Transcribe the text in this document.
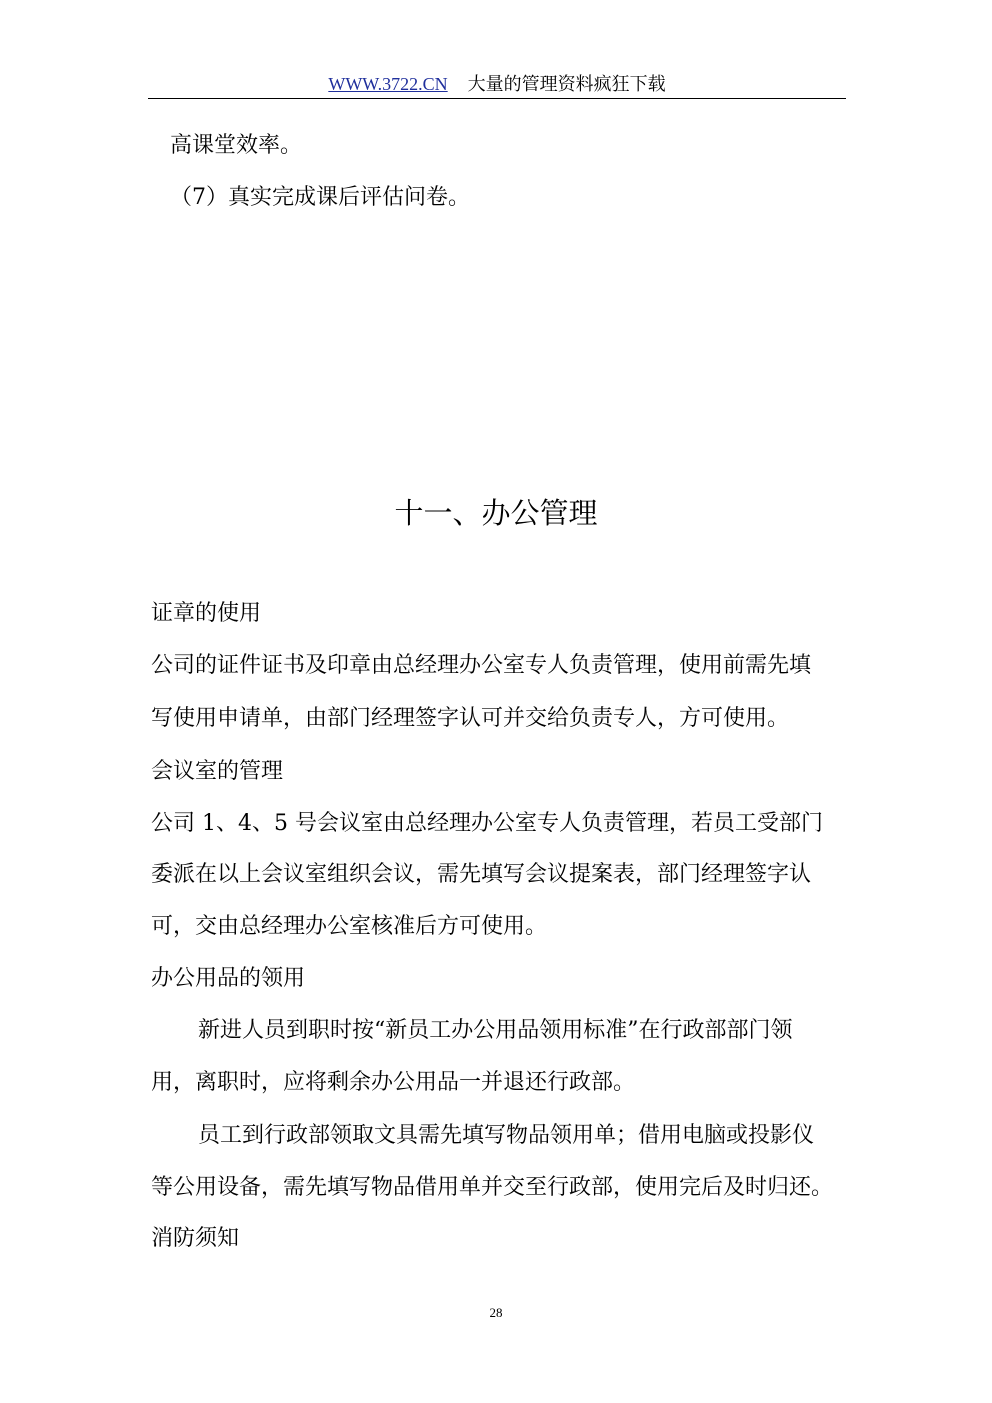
WWW.3722.CN 大量的管理资料疯狂下载
高课堂效率。
（7）真实完成课后评估问卷。
十一、办公管理
证章的使用
公司的证件证书及印章由总经理办公室专人负责管理，使用前需先填
写使用申请单，由部门经理签字认可并交给负责专人，方可使用。
会议室的管理
公司 1、4、5 号会议室由总经理办公室专人负责管理，若员工受部门
委派在以上会议室组织会议，需先填写会议提案表，部门经理签字认
可，交由总经理办公室核准后方可使用。
办公用品的领用
新进人员到职时按“新员工办公用品领用标准”在行政部部门领
用，离职时，应将剩余办公用品一并退还行政部。
员工到行政部领取文具需先填写物品领用单；借用电脑或投影仪
等公用设备，需先填写物品借用单并交至行政部，使用完后及时归还。
消防须知
28
